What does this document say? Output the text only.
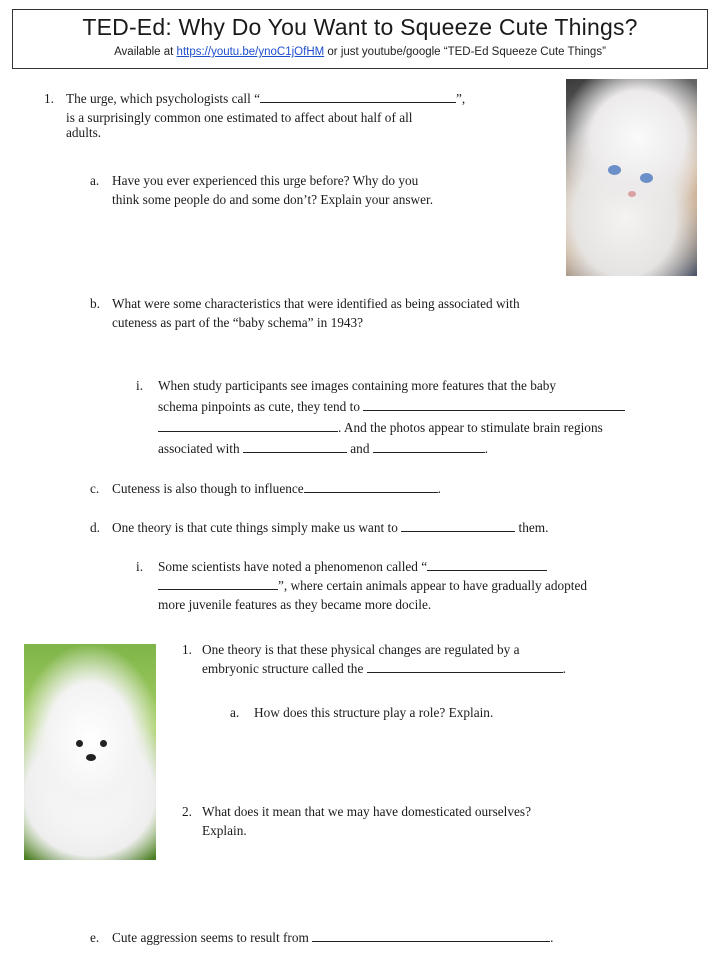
TED-Ed: Why Do You Want to Squeeze Cute Things?
Available at https://youtu.be/ynoC1jOfHM or just youtube/google “TED-Ed Squeeze Cute Things”
1. The urge, which psychologists call “	”,
is a surprisingly common one estimated to affect about half of all
adults.
a. Have you ever experienced this urge before? Why do you
think some people do and some don’t? Explain your answer.
b. What were some characteristics that were identified as being associated with
cuteness as part of the “baby schema” in 1943?
i. When study participants see images containing more features that the baby
schema pinpoints as cute, they tend to
. And the photos appear to stimulate brain regions
associated with	and	.
c. Cuteness is also though to influence	.
d. One theory is that cute things simply make us want to	them.
i. Some scientists have noted a phenomenon called “
”, where certain animals appear to have gradually adopted
more juvenile features as they became more docile.
1. One theory is that these physical changes are regulated by a
embryonic structure called the	.
a. How does this structure play a role? Explain.
2. What does it mean that we may have domesticated ourselves?
Explain.
e. Cute aggression seems to result from	.
